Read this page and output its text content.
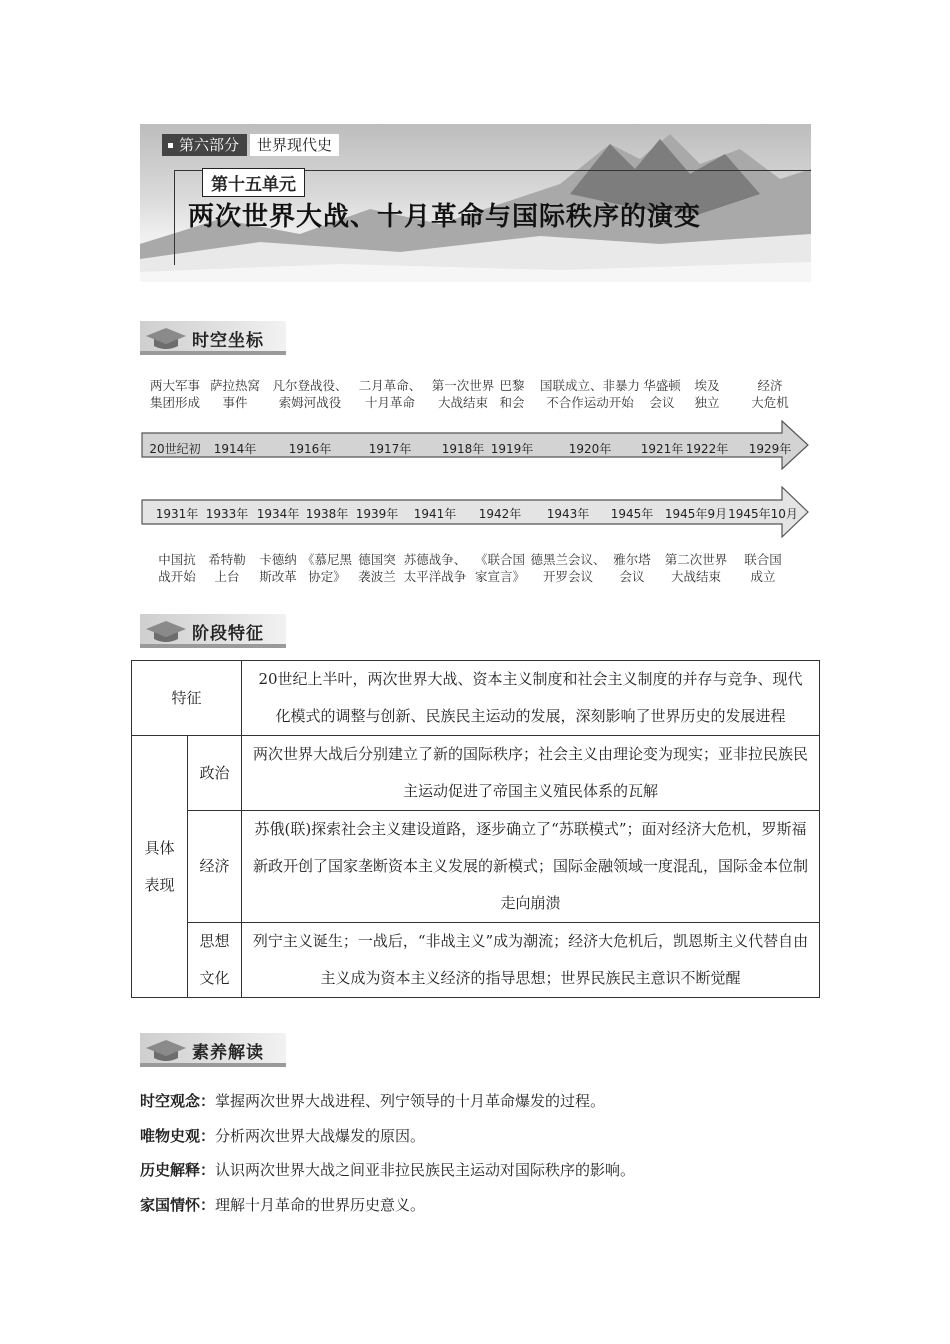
第六部分	世界现代史
第十五单元
两次世界大战、十月革命与国际秩序的演变
时空坐标
20世纪初
两大军事
集团形成
1914年
萨拉热窝
事件
1916年
凡尔登战役、
索姆河战役
1917年
二月革命、
十月革命
1918年
第一次世界
大战结束
1919年
巴黎
和会
1920年
国联成立、非暴力
不合作运动开始
1921年
华盛顿
会议
1922年
埃及
独立
1929年
经济
大危机
1931年
中国抗
战开始
1933年
希特勒
上台
1934年
卡德纳
斯改革
1938年
《慕尼黑
协定》
1939年
德国突
袭波兰
1941年
苏德战争、
太平洋战争
1942年
《联合国
家宣言》
1943年
德黑兰会议、
开罗会议
1945年
雅尔塔
会议
1945年9月
第二次世界
大战结束
1945年10月
联合国
成立
阶段特征
特征		20世纪上半叶，两次世界大战、资本主义制度和社会主义制度的并存与竞争、现代化模式的调整与创新、民族民主运动的发展，深刻影响了世界历史的发展进程
具体表现	政治	两次世界大战后分别建立了新的国际秩序；社会主义由理论变为现实；亚非拉民族民主运动促进了帝国主义殖民体系的瓦解
	经济	苏俄(联)探索社会主义建设道路，逐步确立了“苏联模式”；面对经济大危机，罗斯福新政开创了国家垄断资本主义发展的新模式；国际金融领域一度混乱，国际金本位制走向崩溃
	思想文化	列宁主义诞生；一战后，“非战主义”成为潮流；经济大危机后，凯恩斯主义代替自由主义成为资本主义经济的指导思想；世界民族民主意识不断觉醒
素养解读
时空观念：掌握两次世界大战进程、列宁领导的十月革命爆发的过程。
唯物史观：分析两次世界大战爆发的原因。
历史解释：认识两次世界大战之间亚非拉民族民主运动对国际秩序的影响。
家国情怀：理解十月革命的世界历史意义。
